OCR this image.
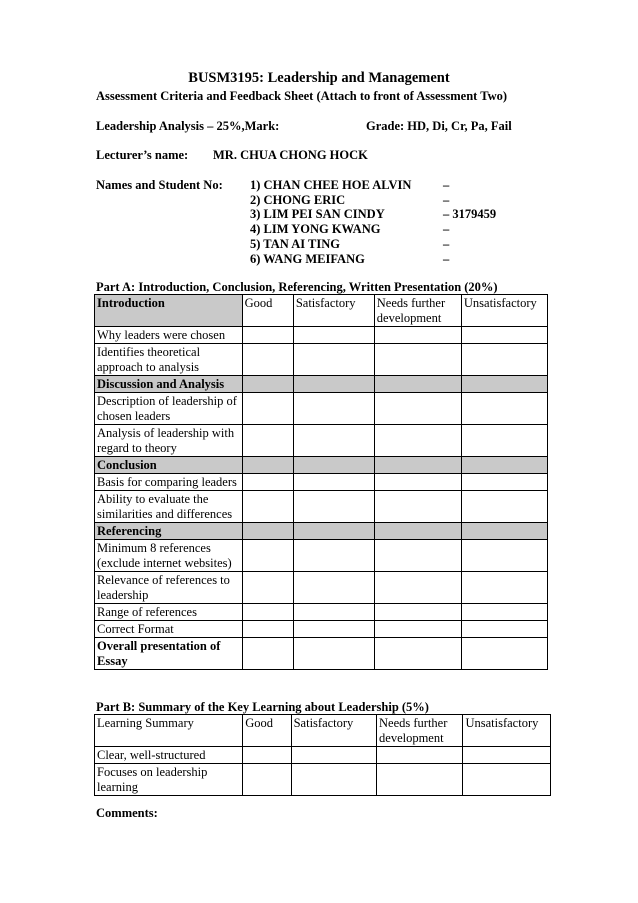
BUSM3195: Leadership and Management
Assessment Criteria and Feedback Sheet (Attach to front of Assessment Two)
Leadership Analysis – 25%,Mark:	Grade: HD, Di, Cr, Pa, Fail
Lecturer’s name: MR. CHUA CHONG HOCK
Names and Student No: 1) CHAN CHEE HOE ALVIN	–
2) CHONG ERIC	–
3) LIM PEI SAN CINDY	– 3179459
4) LIM YONG KWANG	–
5) TAN AI TING	–
6) WANG MEIFANG	–
Part A: Introduction, Conclusion, Referencing, Written Presentation (20%)
Introduction	Good	Satisfactory	Needs further development	Unsatisfactory
Why leaders were chosen				
Identifies theoretical approach to analysis				
Discussion and Analysis				
Description of leadership of chosen leaders				
Analysis of leadership with regard to theory				
Conclusion				
Basis for comparing leaders				
Ability to evaluate the similarities and differences				
Referencing				
Minimum 8 references (exclude internet websites)				
Relevance of references to leadership				
Range of references				
Correct Format				
Overall presentation of Essay				
Part B: Summary of the Key Learning about Leadership (5%)
Learning Summary	Good	Satisfactory	Needs further development	Unsatisfactory
Clear, well-structured				
Focuses on leadership learning				
Comments:
